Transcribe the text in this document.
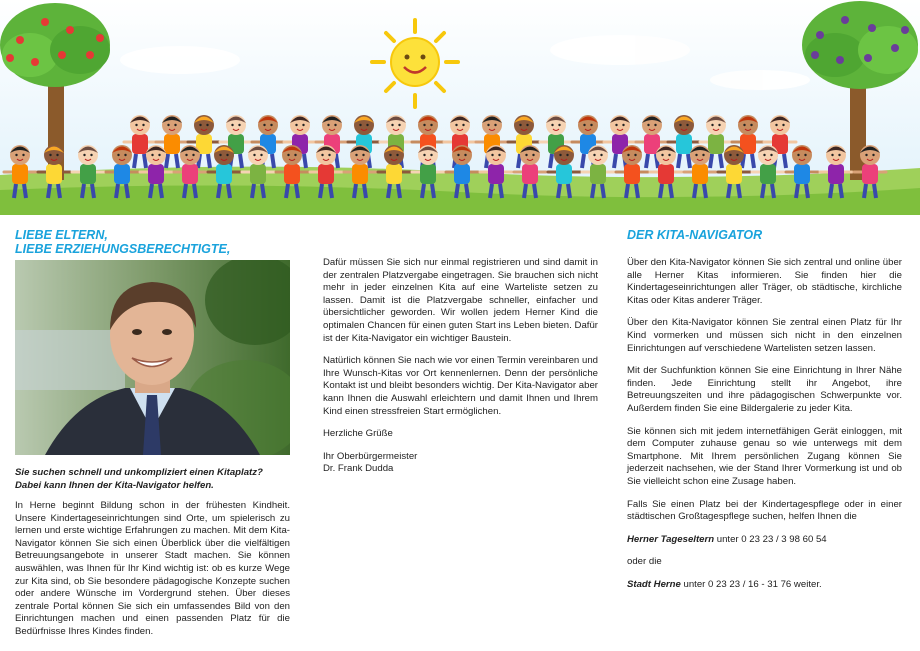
LIEBE ELTERN,
LIEBE ERZIEHUNGSBERECHTIGTE,
Sie suchen schnell und unkompliziert einen Kitaplatz?
Dabei kann Ihnen der Kita-Navigator helfen.

In Herne beginnt Bildung schon in der frühesten Kindheit. Unsere Kindertageseinrichtungen sind Orte, um spielerisch zu lernen und erste wichtige Erfahrungen zu machen. Mit dem Kita-Navigator können Sie sich einen Überblick über die vielfältigen Betreuungsangebote in unserer Stadt machen. Sie können auswählen, was Ihnen für Ihr Kind wichtig ist: ob es kurze Wege zur Kita sind, ob Sie besondere pädagogische Konzepte suchen oder andere Wünsche im Vordergrund stehen. Über dieses zentrale Portal können Sie sich ein umfassendes Bild von den Einrichtungen machen und einen passenden Platz für die Bedürfnisse Ihres Kindes finden.

Dafür müssen Sie sich nur einmal registrieren und sind damit in der zentralen Platzvergabe eingetragen. Sie brauchen sich nicht mehr in jeder einzelnen Kita auf eine Warteliste setzen zu lassen. Damit ist die Platzvergabe schneller, einfacher und übersichtlicher geworden. Wir wollen jedem Herner Kind die optimalen Chancen für einen guten Start ins Leben bieten. Dafür ist der Kita-Navigator ein wichtiger Baustein.

Natürlich können Sie nach wie vor einen Termin vereinbaren und Ihre Wunsch-Kitas vor Ort kennenlernen. Denn der persönliche Kontakt ist und bleibt besonders wichtig. Der Kita-Navigator aber kann Ihnen die Auswahl erleichtern und damit Ihnen und Ihrem Kind einen stressfreien Start ermöglichen.

Herzliche Grüße

Ihr Oberbürgermeister
Dr. Frank Dudda
DER KITA-NAVIGATOR

Über den Kita-Navigator können Sie sich zentral und online über alle Herner Kitas informieren. Sie finden hier die Kindertageseinrichtungen aller Träger, ob städtische, kirchliche Kitas oder Kitas anderer Träger.

Über den Kita-Navigator können Sie zentral einen Platz für Ihr Kind vormerken und müssen sich nicht in den einzelnen Einrichtungen auf verschiedene Wartelisten setzen lassen.

Mit der Suchfunktion können Sie eine Einrichtung in Ihrer Nähe finden. Jede Einrichtung stellt ihr Angebot, ihre Betreuungszeiten und ihre pädagogischen Schwerpunkte vor. Außerdem finden Sie eine Bildergalerie zu jeder Kita.

Sie können sich mit jedem internetfähigen Gerät einloggen, mit dem Computer zuhause genau so wie unterwegs mit dem Smartphone. Mit Ihrem persönlichen Zugang können Sie jederzeit nachsehen, wie der Stand Ihrer Vormerkung ist und ob Sie vielleicht schon eine Zusage haben.

Falls Sie einen Platz bei der Kindertagespflege oder in einer städtischen Großtagespflege suchen, helfen Ihnen die

Herner Tageseltern unter 0 23 23 / 3 98 60 54

oder die

Stadt Herne unter 0 23 23 / 16 - 31 76 weiter.
